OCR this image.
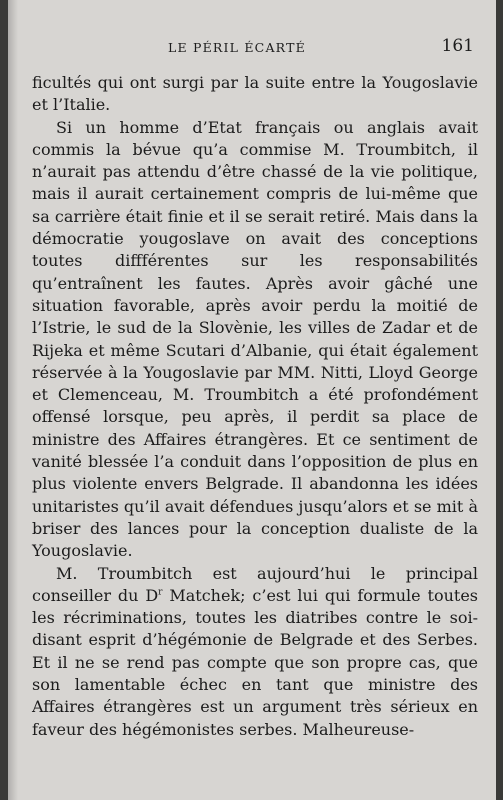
LE PÉRIL ÉCARTÉ	161

ficultés qui ont surgi par la suite entre la Yougoslavie et l’Italie.

Si un homme d’Etat français ou anglais avait commis la bévue qu’a commise M. Troumbitch, il n’aurait pas attendu d’être chassé de la vie politique, mais il aurait certainement compris de lui-même que sa carrière était finie et il se serait retiré. Mais dans la démocratie yougoslave on avait des conceptions toutes diffférentes sur les responsabilités qu’entraînent les fautes. Après avoir gâché une situation favorable, après avoir perdu la moitié de l’Istrie, le sud de la Slovènie, les villes de Zadar et de Rijeka et même Scutari d’Albanie, qui était également réservée à la Yougoslavie par MM. Nitti, Lloyd George et Clemenceau, M. Troumbitch a été profondément offensé lorsque, peu après, il perdit sa place de ministre des Affaires étrangères. Et ce sentiment de vanité blessée l’a conduit dans l’opposition de plus en plus violente envers Belgrade. Il abandonna les idées unitaristes qu’il avait défendues jusqu’alors et se mit à briser des lances pour la conception dualiste de la Yougoslavie.

M. Troumbitch est aujourd’hui le principal conseiller du $D^r$ Matchek; c’est lui qui formule toutes les récriminations, toutes les diatribes contre le soi-disant esprit d’hégémonie de Belgrade et des Serbes. Et il ne se rend pas compte que son propre cas, que son lamentable échec en tant que ministre des Affaires étrangères est un argument très sérieux en faveur des hégémonistes serbes. Malheureuse-
